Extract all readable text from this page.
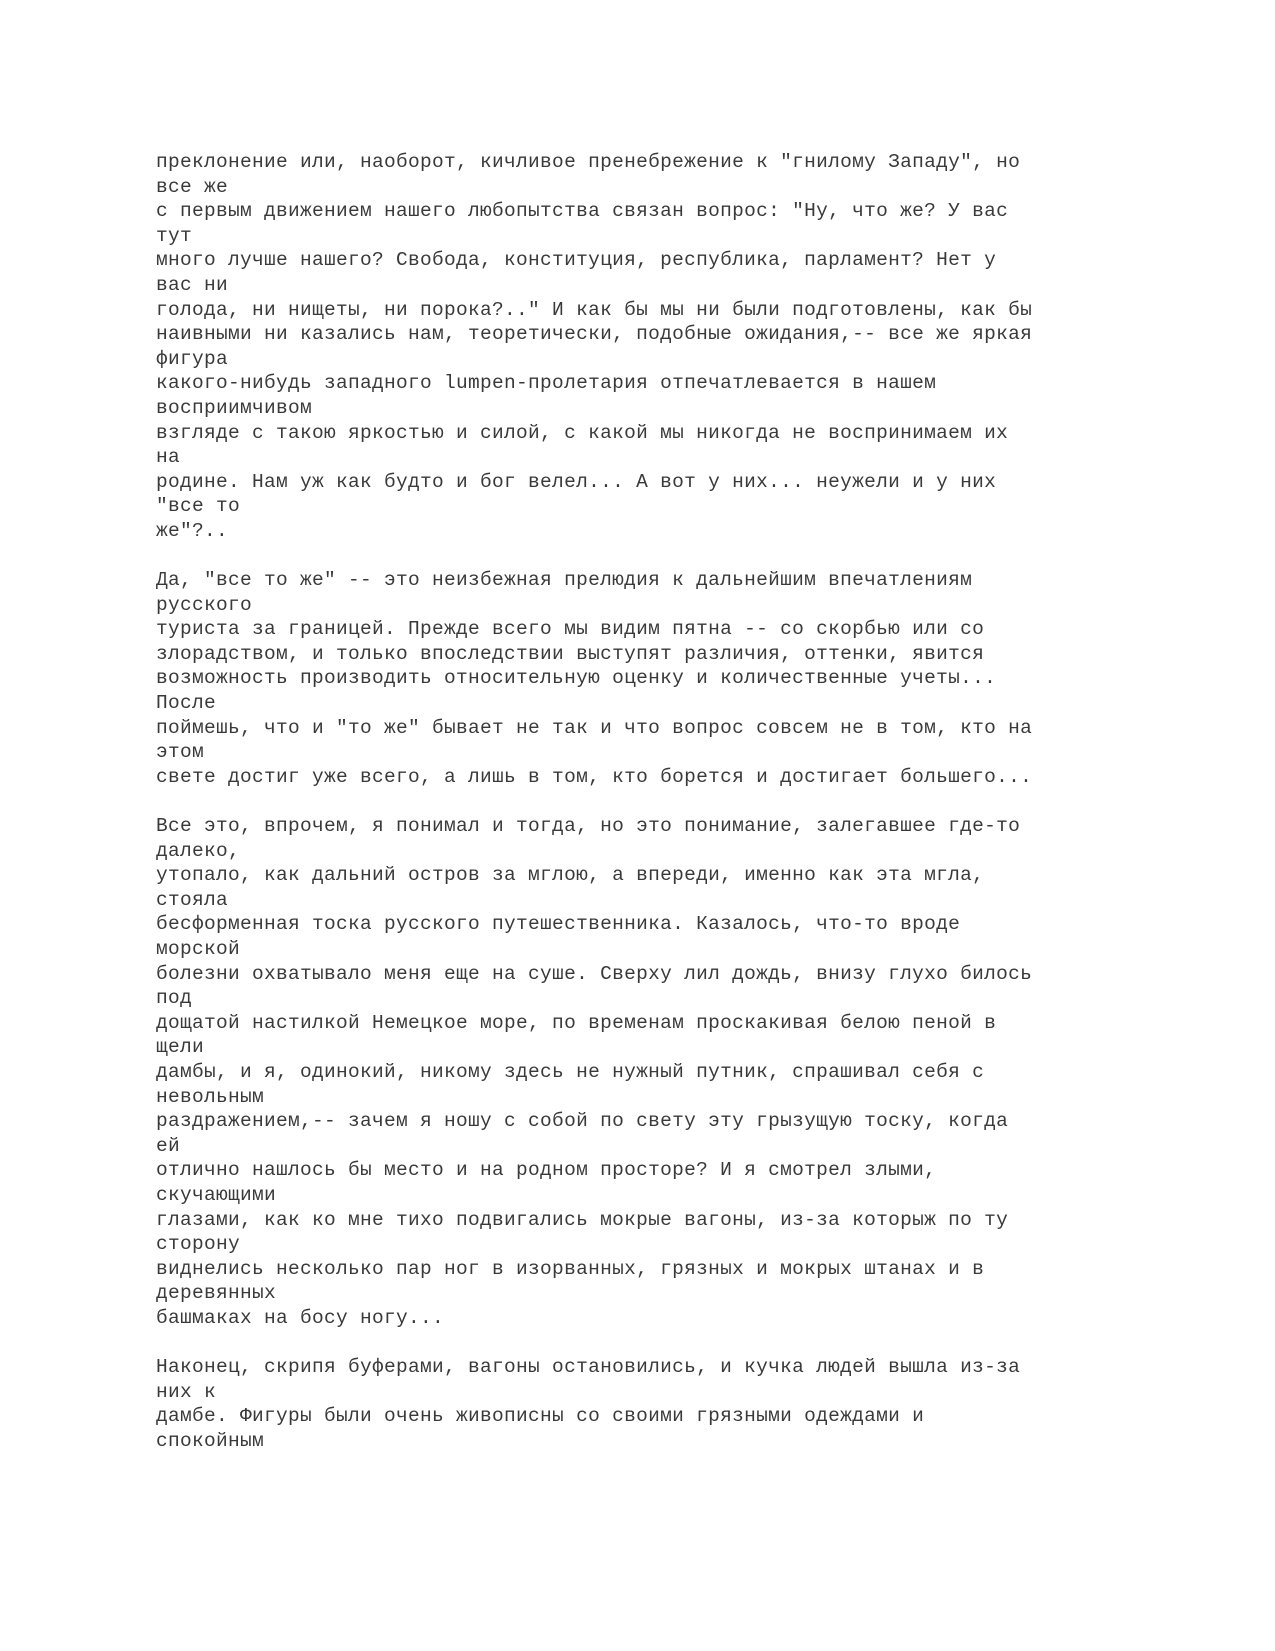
преклонение или, наоборот, кичливое пренебрежение к "гнилому Западу", но
все же
с первым движением нашего любопытства связан вопрос: "Ну, что же? У вас
тут
много лучше нашего? Свобода, конституция, республика, парламент? Нет у
вас ни
голода, ни нищеты, ни порока?.." И как бы мы ни были подготовлены, как бы
наивными ни казались нам, теоретически, подобные ожидания,-- все же яркая
фигура
какого-нибудь западного lumpen-пролетария отпечатлевается в нашем
восприимчивом
взгляде с такою яркостью и силой, с какой мы никогда не воспринимаем их
на
родине. Нам уж как будто и бог велел... А вот у них... неужели и у них
"все то
же"?..
Да, "все то же" -- это неизбежная прелюдия к дальнейшим впечатлениям
русского
туриста за границей. Прежде всего мы видим пятна -- со скорбью или со
злорадством, и только впоследствии выступят различия, оттенки, явится
возможность производить относительную оценку и количественные учеты...
После
поймешь, что и "то же" бывает не так и что вопрос совсем не в том, кто на
этом
свете достиг уже всего, а лишь в том, кто борется и достигает большего...
Все это, впрочем, я понимал и тогда, но это понимание, залегавшее где-то
далеко,
утопало, как дальний остров за мглою, а впереди, именно как эта мгла,
стояла
бесформенная тоска русского путешественника. Казалось, что-то вроде
морской
болезни охватывало меня еще на суше. Сверху лил дождь, внизу глухо билось
под
дощатой настилкой Немецкое море, по временам проскакивая белою пеной в
щели
дамбы, и я, одинокий, никому здесь не нужный путник, спрашивал себя с
невольным
раздражением,-- зачем я ношу с собой по свету эту грызущую тоску, когда
ей
отлично нашлось бы место и на родном просторе? И я смотрел злыми,
скучающими
глазами, как ко мне тихо подвигались мокрые вагоны, из-за которыж по ту
сторону
виднелись несколько пар ног в изорванных, грязных и мокрых штанах и в
деревянных
башмаках на босу ногу...
Наконец, скрипя буферами, вагоны остановились, и кучка людей вышла из-за
них к
дамбе. Фигуры были очень живописны со своими грязными одеждами и
спокойным
